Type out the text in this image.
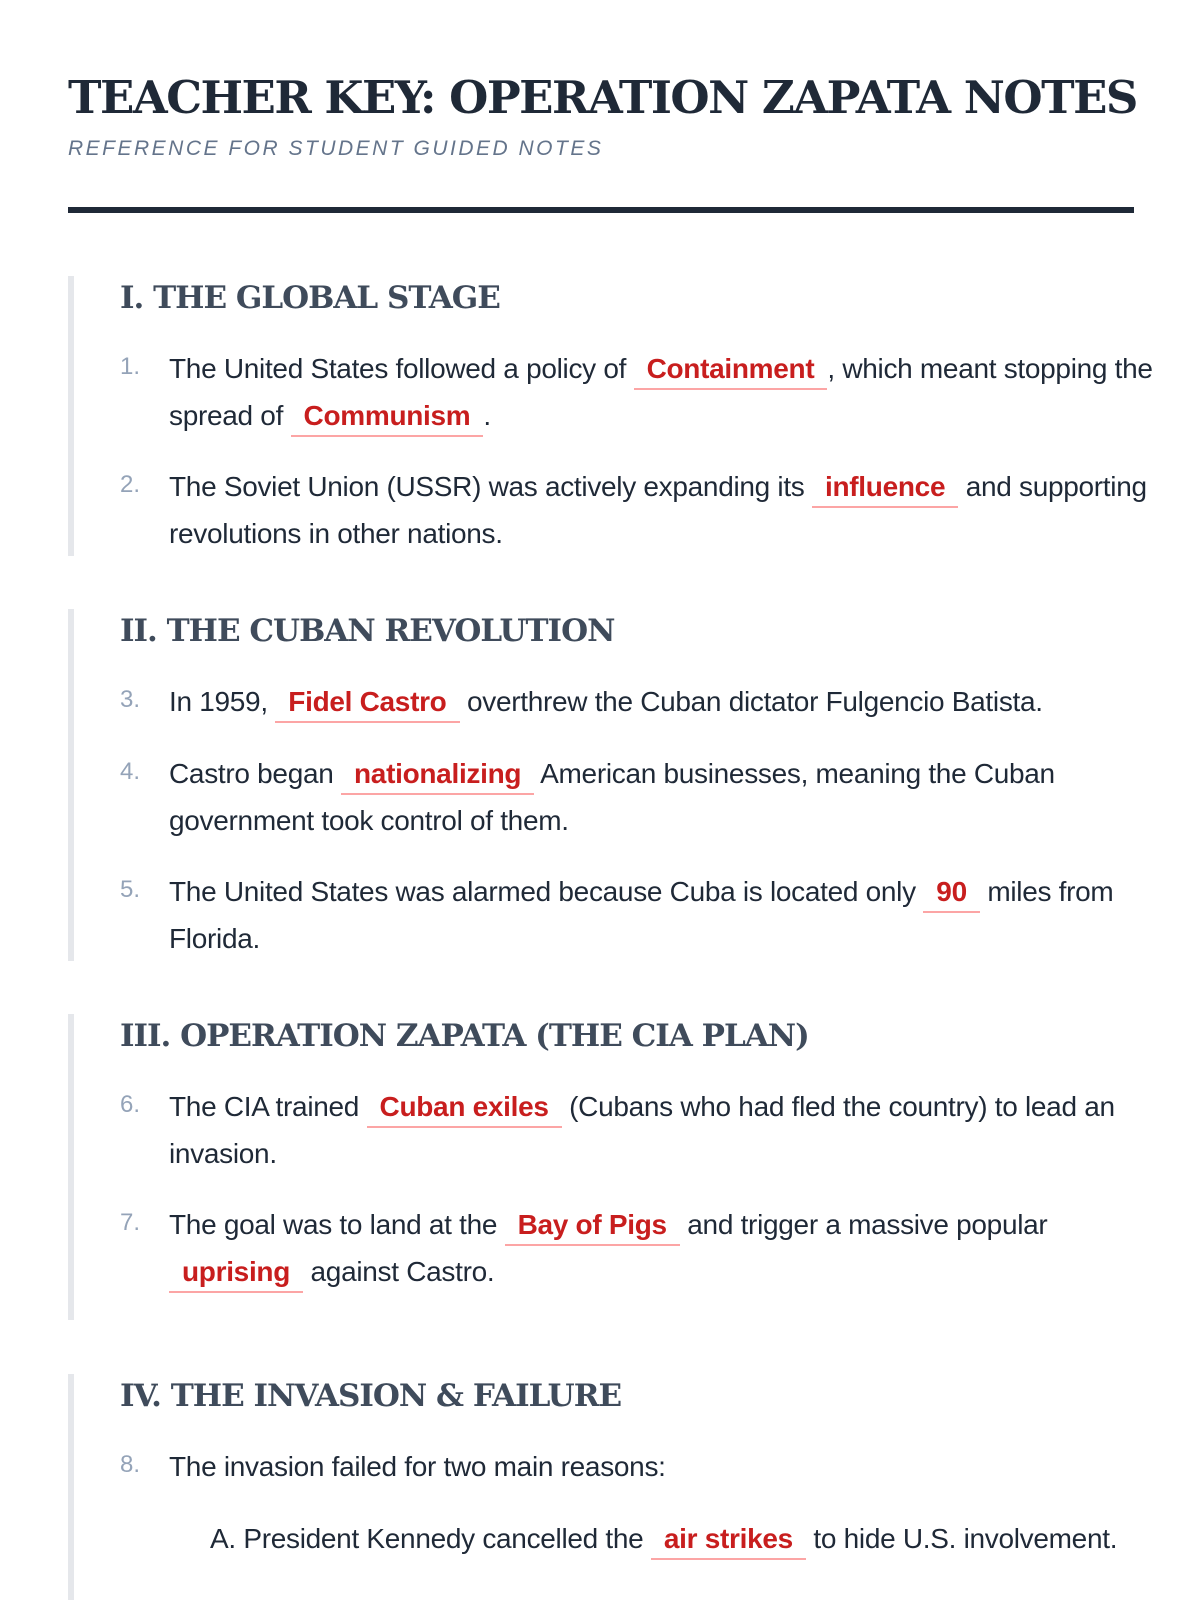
TEACHER KEY: OPERATION ZAPATA NOTES
REFERENCE FOR STUDENT GUIDED NOTES
I. THE GLOBAL STAGE
1. The United States followed a policy of Containment , which meant stopping the spread of Communism .
2. The Soviet Union (USSR) was actively expanding its influence and supporting revolutions in other nations.
II. THE CUBAN REVOLUTION
3. In 1959, Fidel Castro overthrew the Cuban dictator Fulgencio Batista.
4. Castro began nationalizing American businesses, meaning the Cuban government took control of them.
5. The United States was alarmed because Cuba is located only 90 miles from Florida.
III. OPERATION ZAPATA (THE CIA PLAN)
6. The CIA trained Cuban exiles (Cubans who had fled the country) to lead an invasion.
7. The goal was to land at the Bay of Pigs and trigger a massive popular uprising against Castro.
IV. THE INVASION & FAILURE
8. The invasion failed for two main reasons:
A. President Kennedy cancelled the air strikes to hide U.S. involvement.
